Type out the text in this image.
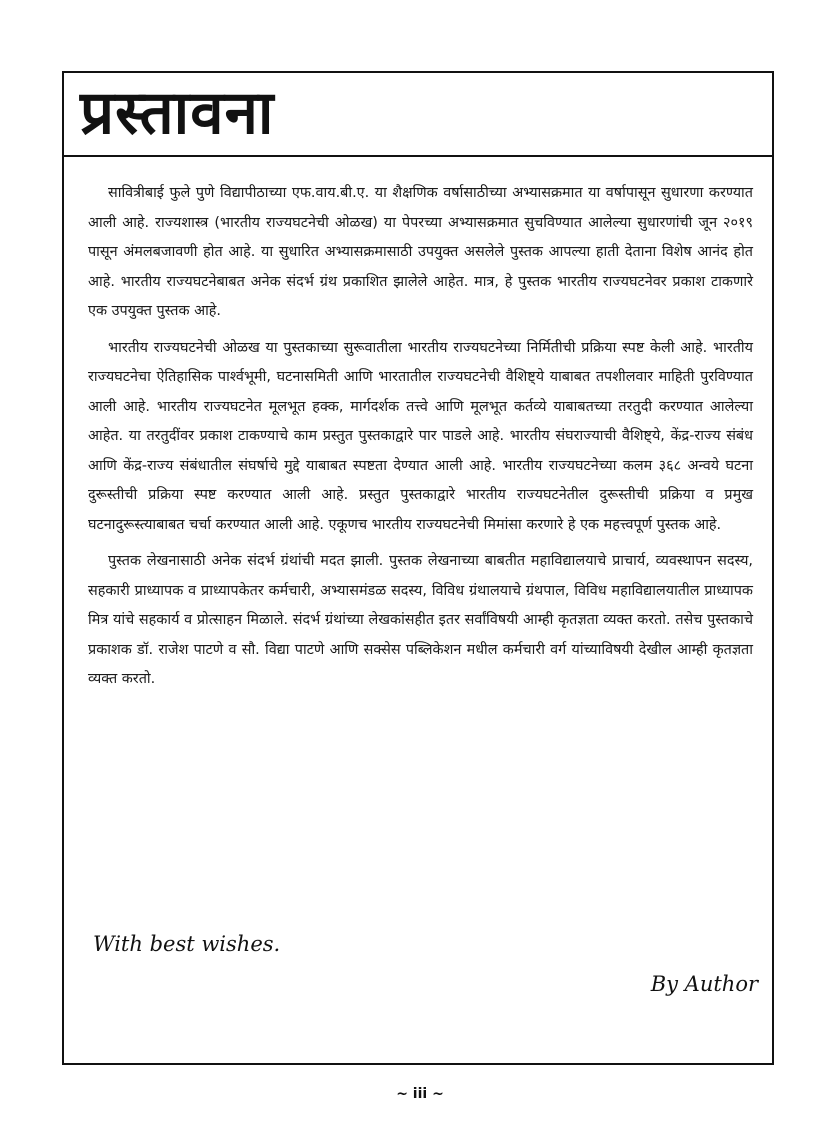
प्रस्तावना

सावित्रीबाई फुले पुणे विद्यापीठाच्या एफ.वाय.बी.ए. या शैक्षणिक वर्षासाठीच्या अभ्यासक्रमात या वर्षापासून सुधारणा करण्यात आली आहे. राज्यशास्त्र (भारतीय राज्यघटनेची ओळख) या पेपरच्या अभ्यासक्रमात सुचविण्यात आलेल्या सुधारणांची जून २०१९ पासून अंमलबजावणी होत आहे. या सुधारित अभ्यासक्रमासाठी उपयुक्त असलेले पुस्तक आपल्या हाती देताना विशेष आनंद होत आहे. भारतीय राज्यघटनेबाबत अनेक संदर्भ ग्रंथ प्रकाशित झालेले आहेत. मात्र, हे पुस्तक भारतीय राज्यघटनेवर प्रकाश टाकणारे एक उपयुक्त पुस्तक आहे.

भारतीय राज्यघटनेची ओळख या पुस्तकाच्या सुरूवातीला भारतीय राज्यघटनेच्या निर्मितीची प्रक्रिया स्पष्ट केली आहे. भारतीय राज्यघटनेचा ऐतिहासिक पार्श्वभूमी, घटनासमिती आणि भारतातील राज्यघटनेची वैशिष्ट्ये याबाबत तपशीलवार माहिती पुरविण्यात आली आहे. भारतीय राज्यघटनेत मूलभूत हक्क, मार्गदर्शक तत्त्वे आणि मूलभूत कर्तव्ये याबाबतच्या तरतुदी करण्यात आलेल्या आहेत. या तरतुदींवर प्रकाश टाकण्याचे काम प्रस्तुत पुस्तकाद्वारे पार पाडले आहे. भारतीय संघराज्याची वैशिष्ट्ये, केंद्र-राज्य संबंध आणि केंद्र-राज्य संबंधातील संघर्षाचे मुद्दे याबाबत स्पष्टता देण्यात आली आहे. भारतीय राज्यघटनेच्या कलम ३६८ अन्वये घटना दुरूस्तीची प्रक्रिया स्पष्ट करण्यात आली आहे. प्रस्तुत पुस्तकाद्वारे भारतीय राज्यघटनेतील दुरूस्तीची प्रक्रिया व प्रमुख घटनादुरूस्त्याबाबत चर्चा करण्यात आली आहे. एकूणच भारतीय राज्यघटनेची मिमांसा करणारे हे एक महत्त्वपूर्ण पुस्तक आहे.

पुस्तक लेखनासाठी अनेक संदर्भ ग्रंथांची मदत झाली. पुस्तक लेखनाच्या बाबतीत महाविद्यालयाचे प्राचार्य, व्यवस्थापन सदस्य, सहकारी प्राध्यापक व प्राध्यापकेतर कर्मचारी, अभ्यासमंडळ सदस्य, विविध ग्रंथालयाचे ग्रंथपाल, विविध महाविद्यालयातील प्राध्यापक मित्र यांचे सहकार्य व प्रोत्साहन मिळाले. संदर्भ ग्रंथांच्या लेखकांसहीत इतर सर्वांविषयी आम्ही कृतज्ञता व्यक्त करतो. तसेच पुस्तकाचे प्रकाशक डॉ. राजेश पाटणे व सौ. विद्या पाटणे आणि सक्सेस पब्लिकेशन मधील कर्मचारी वर्ग यांच्याविषयी देखील आम्ही कृतज्ञता व्यक्त करतो.

With best wishes.
By Author
~ iii ~
